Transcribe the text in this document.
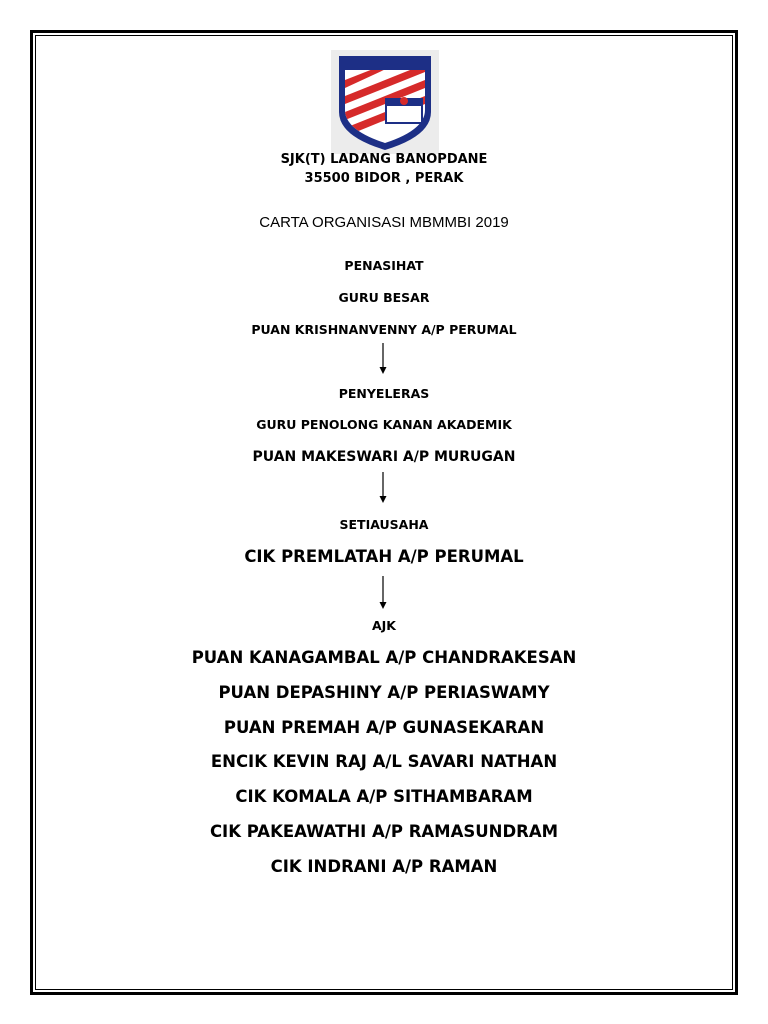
SJK(T) LADANG BANOPDANE
35500 BIDOR , PERAK
CARTA ORGANISASI MBMMBI 2019
PENASIHAT
GURU BESAR
PUAN KRISHNANVENNY A/P PERUMAL
PENYELERAS
GURU PENOLONG KANAN AKADEMIK
PUAN MAKESWARI A/P MURUGAN
SETIAUSAHA
CIK PREMLATAH A/P PERUMAL
AJK
PUAN KANAGAMBAL A/P CHANDRAKESAN
PUAN DEPASHINY A/P PERIASWAMY
PUAN PREMAH A/P GUNASEKARAN
ENCIK KEVIN RAJ A/L SAVARI NATHAN
CIK KOMALA A/P SITHAMBARAM
CIK PAKEAWATHI A/P RAMASUNDRAM
CIK INDRANI A/P RAMAN
